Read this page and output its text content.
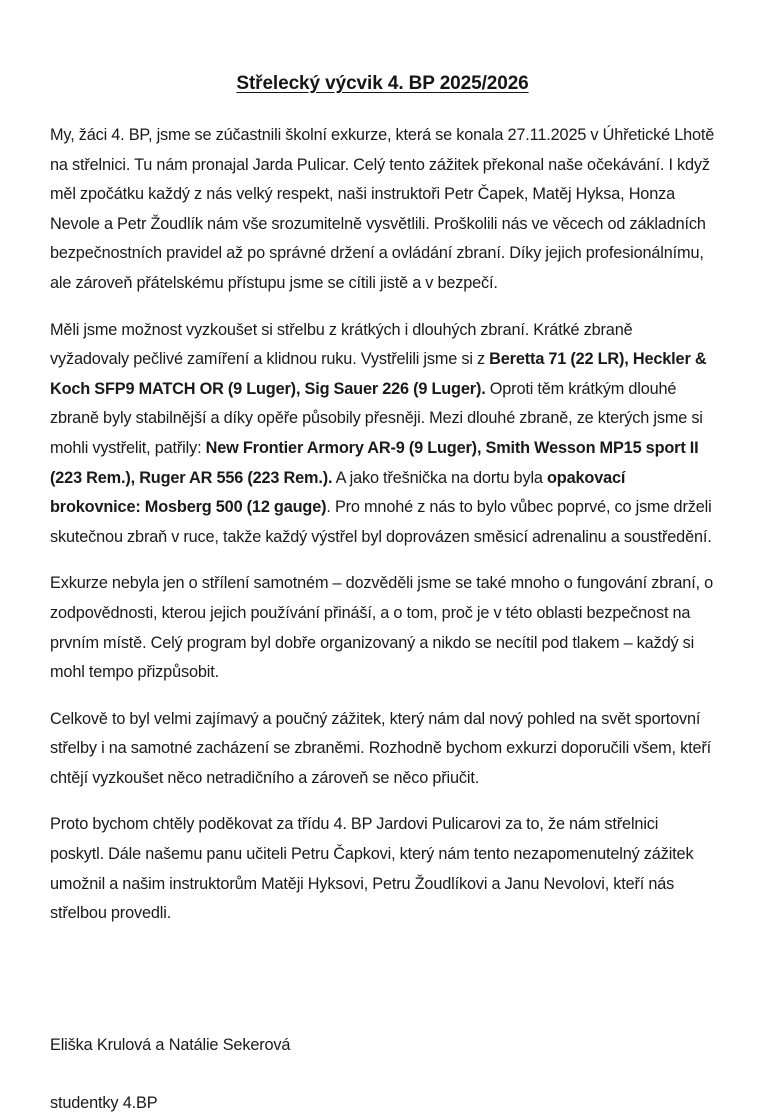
Střelecký výcvik 4. BP 2025/2026

My, žáci 4. BP, jsme se zúčastnili školní exkurze, která se konala 27.11.2025 v Úhřetické Lhotě na střelnici. Tu nám pronajal Jarda Pulicar. Celý tento zážitek překonal naše očekávání. I když měl zpočátku každý z nás velký respekt, naši instruktoři Petr Čapek, Matěj Hyksa, Honza Nevole a Petr Žoudlík nám vše srozumitelně vysvětlili. Proškolili nás ve věcech od základních bezpečnostních pravidel až po správné držení a ovládání zbraní. Díky jejich profesionálnímu, ale zároveň přátelskému přístupu jsme se cítili jistě a v bezpečí.

Měli jsme možnost vyzkoušet si střelbu z krátkých i dlouhých zbraní. Krátké zbraně vyžadovaly pečlivé zamíření a klidnou ruku. Vystřelili jsme si z Beretta 71 (22 LR), Heckler & Koch SFP9 MATCH OR (9 Luger), Sig Sauer 226 (9 Luger). Oproti těm krátkým dlouhé zbraně byly stabilnější a díky opěře působily přesněji. Mezi dlouhé zbraně, ze kterých jsme si mohli vystřelit, patřily: New Frontier Armory AR-9 (9 Luger), Smith Wesson MP15 sport II (223 Rem.), Ruger AR 556 (223 Rem.). A jako třešnička na dortu byla opakovací brokovnice: Mosberg 500 (12 gauge). Pro mnohé z nás to bylo vůbec poprvé, co jsme drželi skutečnou zbraň v ruce, takže každý výstřel byl doprovázen směsicí adrenalinu a soustředění.

Exkurze nebyla jen o střílení samotném – dozvěděli jsme se také mnoho o fungování zbraní, o zodpovědnosti, kterou jejich používání přináší, a o tom, proč je v této oblasti bezpečnost na prvním místě. Celý program byl dobře organizovaný a nikdo se necítil pod tlakem – každý si mohl tempo přizpůsobit.

Celkově to byl velmi zajímavý a poučný zážitek, který nám dal nový pohled na svět sportovní střelby i na samotné zacházení se zbraněmi. Rozhodně bychom exkurzi doporučili všem, kteří chtějí vyzkoušet něco netradičního a zároveň se něco přiučit.

Proto bychom chtěly poděkovat za třídu 4. BP Jardovi Pulicarovi za to, že nám střelnici poskytl. Dále našemu panu učiteli Petru Čapkovi, který nám tento nezapomenutelný zážitek umožnil a našim instruktorům Matěji Hyksovi, Petru Žoudlíkovi a Janu Nevolovi, kteří nás střelbou provedli.

Eliška Krulová a Natálie Sekerová

studentky 4.BP
